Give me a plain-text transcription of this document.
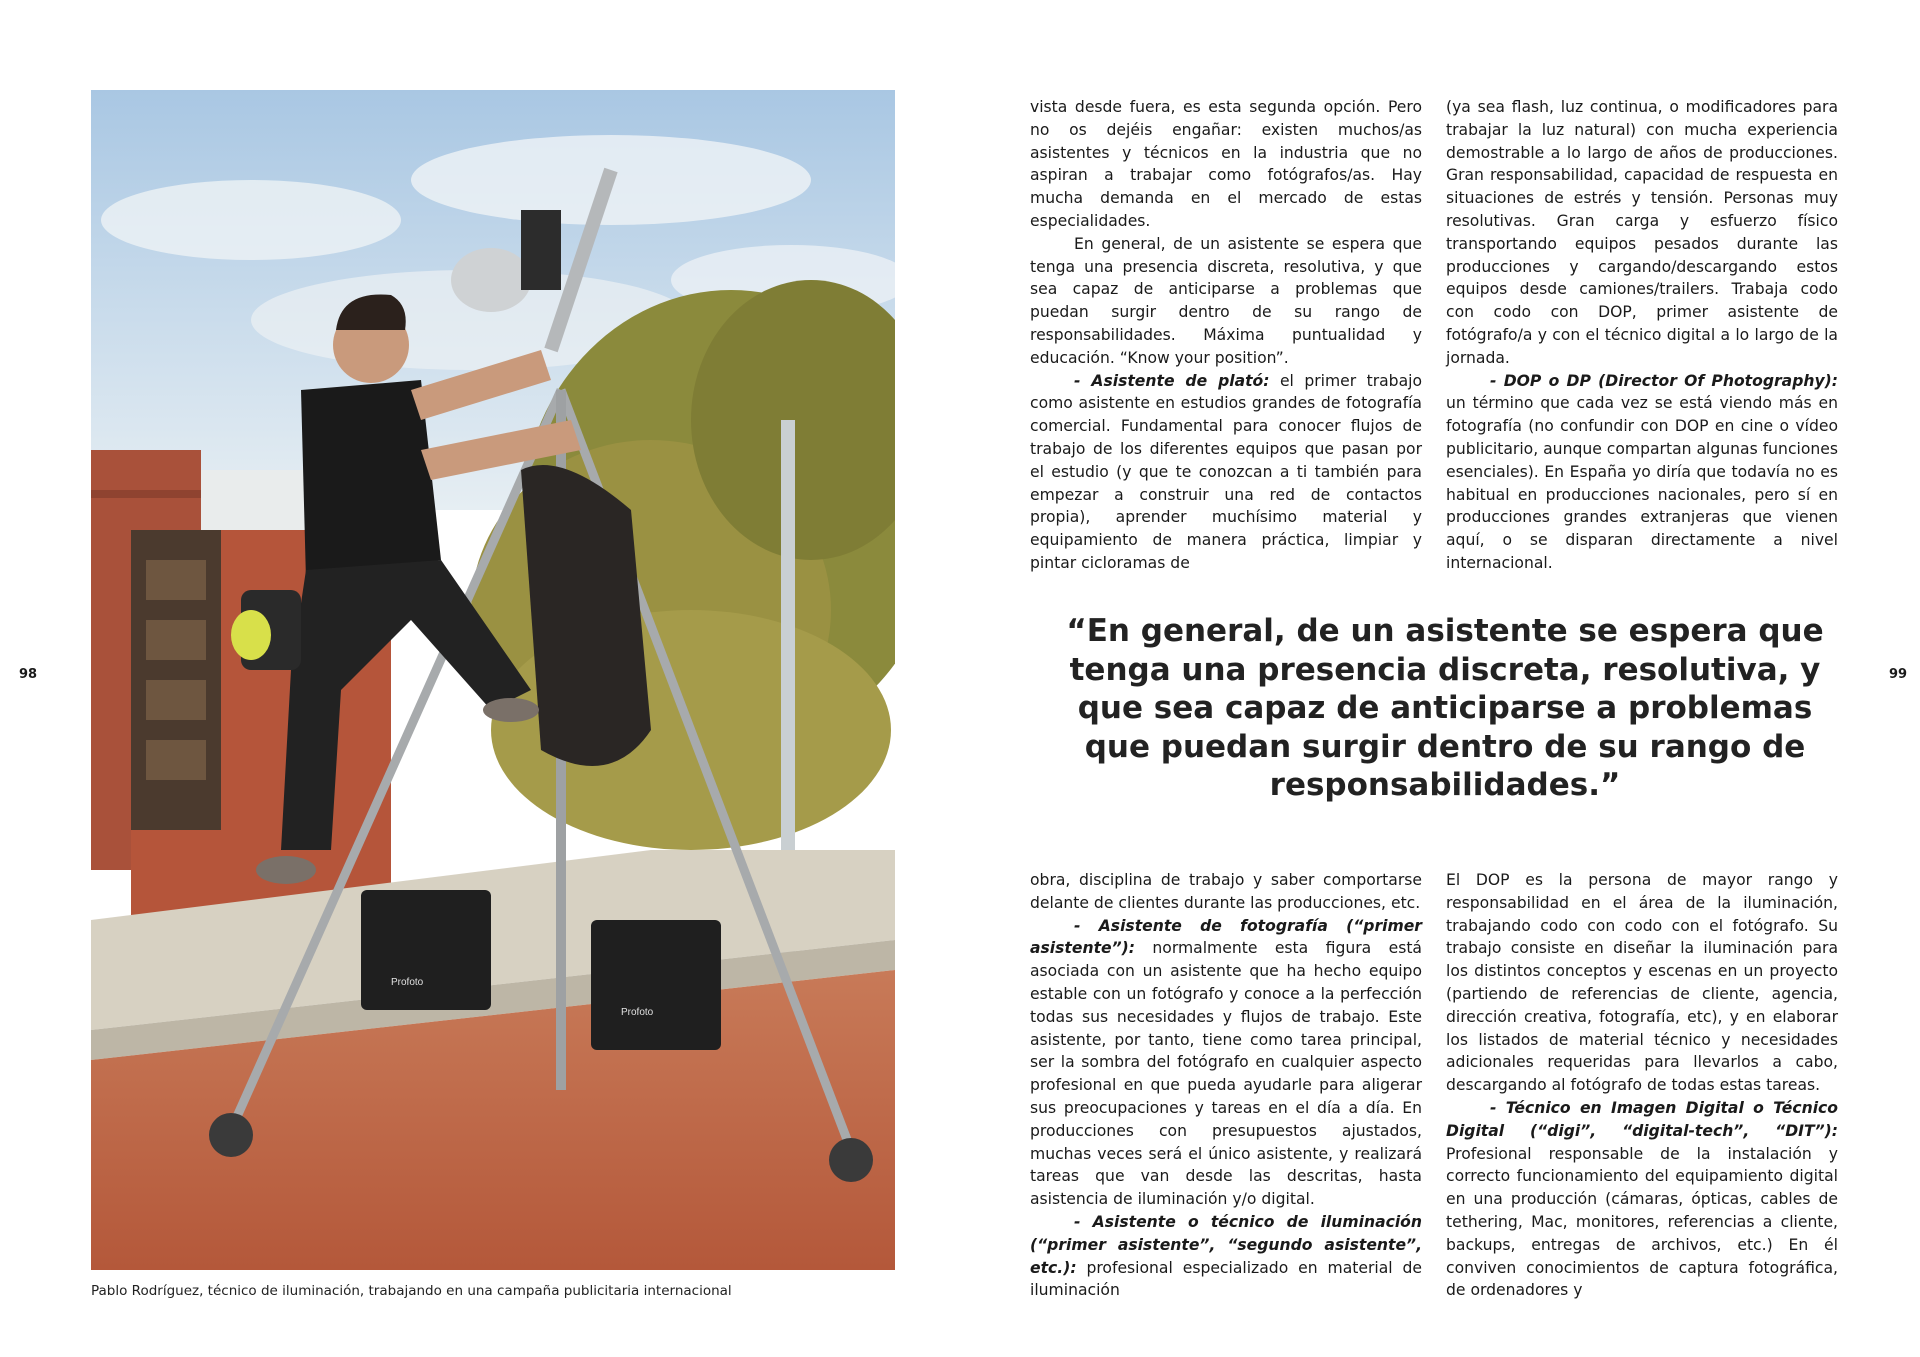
98	99
Profoto
Profoto
Pablo Rodríguez, técnico de iluminación, trabajando en una campaña publicitaria internacional

vista desde fuera, es esta segunda opción. Pero no os dejéis engañar: existen muchos/as asistentes y técnicos en la industria que no aspiran a trabajar como fotógrafos/as. Hay mucha demanda en el mercado de estas especialidades.

En general, de un asistente se espera que tenga una presencia discreta, resolutiva, y que sea capaz de anticiparse a problemas que puedan surgir dentro de su rango de responsabilidades. Máxima puntualidad y educación. “Know your position”.

- Asistente de plató: el primer trabajo como asistente en estudios grandes de fotografía comercial. Fundamental para conocer flujos de trabajo de los diferentes equipos que pasan por el estudio (y que te conozcan a ti también para empezar a construir una red de contactos propia), aprender muchísimo material y equipamiento de manera práctica, limpiar y pintar cicloramas de

(ya sea flash, luz continua, o modificadores para trabajar la luz natural) con mucha experiencia demostrable a lo largo de años de producciones. Gran responsabilidad, capacidad de respuesta en situaciones de estrés y tensión. Personas muy resolutivas. Gran carga y esfuerzo físico transportando equipos pesados durante las producciones y cargando/descargando estos equipos desde camiones/trailers. Trabaja codo con codo con DOP, primer asistente de fotógrafo/a y con el técnico digital a lo largo de la jornada.

- DOP o DP (Director Of Photography): un término que cada vez se está viendo más en fotografía (no confundir con DOP en cine o vídeo publicitario, aunque compartan algunas funciones esenciales). En España yo diría que todavía no es habitual en producciones nacionales, pero sí en producciones grandes extranjeras que vienen aquí, o se disparan directamente a nivel internacional.

“En general, de un asistente se espera que tenga una presencia discreta, resolutiva, y que sea capaz de anticiparse a problemas que puedan surgir dentro de su rango de responsabilidades.”

obra, disciplina de trabajo y saber comportarse delante de clientes durante las producciones, etc.

- Asistente de fotografía (“primer asistente”): normalmente esta figura está asociada con un asistente que ha hecho equipo estable con un fotógrafo y conoce a la perfección todas sus necesidades y flujos de trabajo. Este asistente, por tanto, tiene como tarea principal, ser la sombra del fotógrafo en cualquier aspecto profesional en que pueda ayudarle para aligerar sus preocupaciones y tareas en el día a día. En producciones con presupuestos ajustados, muchas veces será el único asistente, y realizará tareas que van desde las descritas, hasta asistencia de iluminación y/o digital.

- Asistente o técnico de iluminación (“primer asistente”, “segundo asistente”, etc.): profesional especializado en material de iluminación

El DOP es la persona de mayor rango y responsabilidad en el área de la iluminación, trabajando codo con codo con el fotógrafo. Su trabajo consiste en diseñar la iluminación para los distintos conceptos y escenas en un proyecto (partiendo de referencias de cliente, agencia, dirección creativa, fotografía, etc), y en elaborar los listados de material técnico y necesidades adicionales requeridas para llevarlos a cabo, descargando al fotógrafo de todas estas tareas.

- Técnico en Imagen Digital o Técnico Digital (“digi”, “digital-tech”, “DIT”): Profesional responsable de la instalación y correcto funcionamiento del equipamiento digital en una producción (cámaras, ópticas, cables de tethering, Mac, monitores, referencias a cliente, backups, entregas de archivos, etc.) En él conviven conocimientos de captura fotográfica, de ordenadores y
